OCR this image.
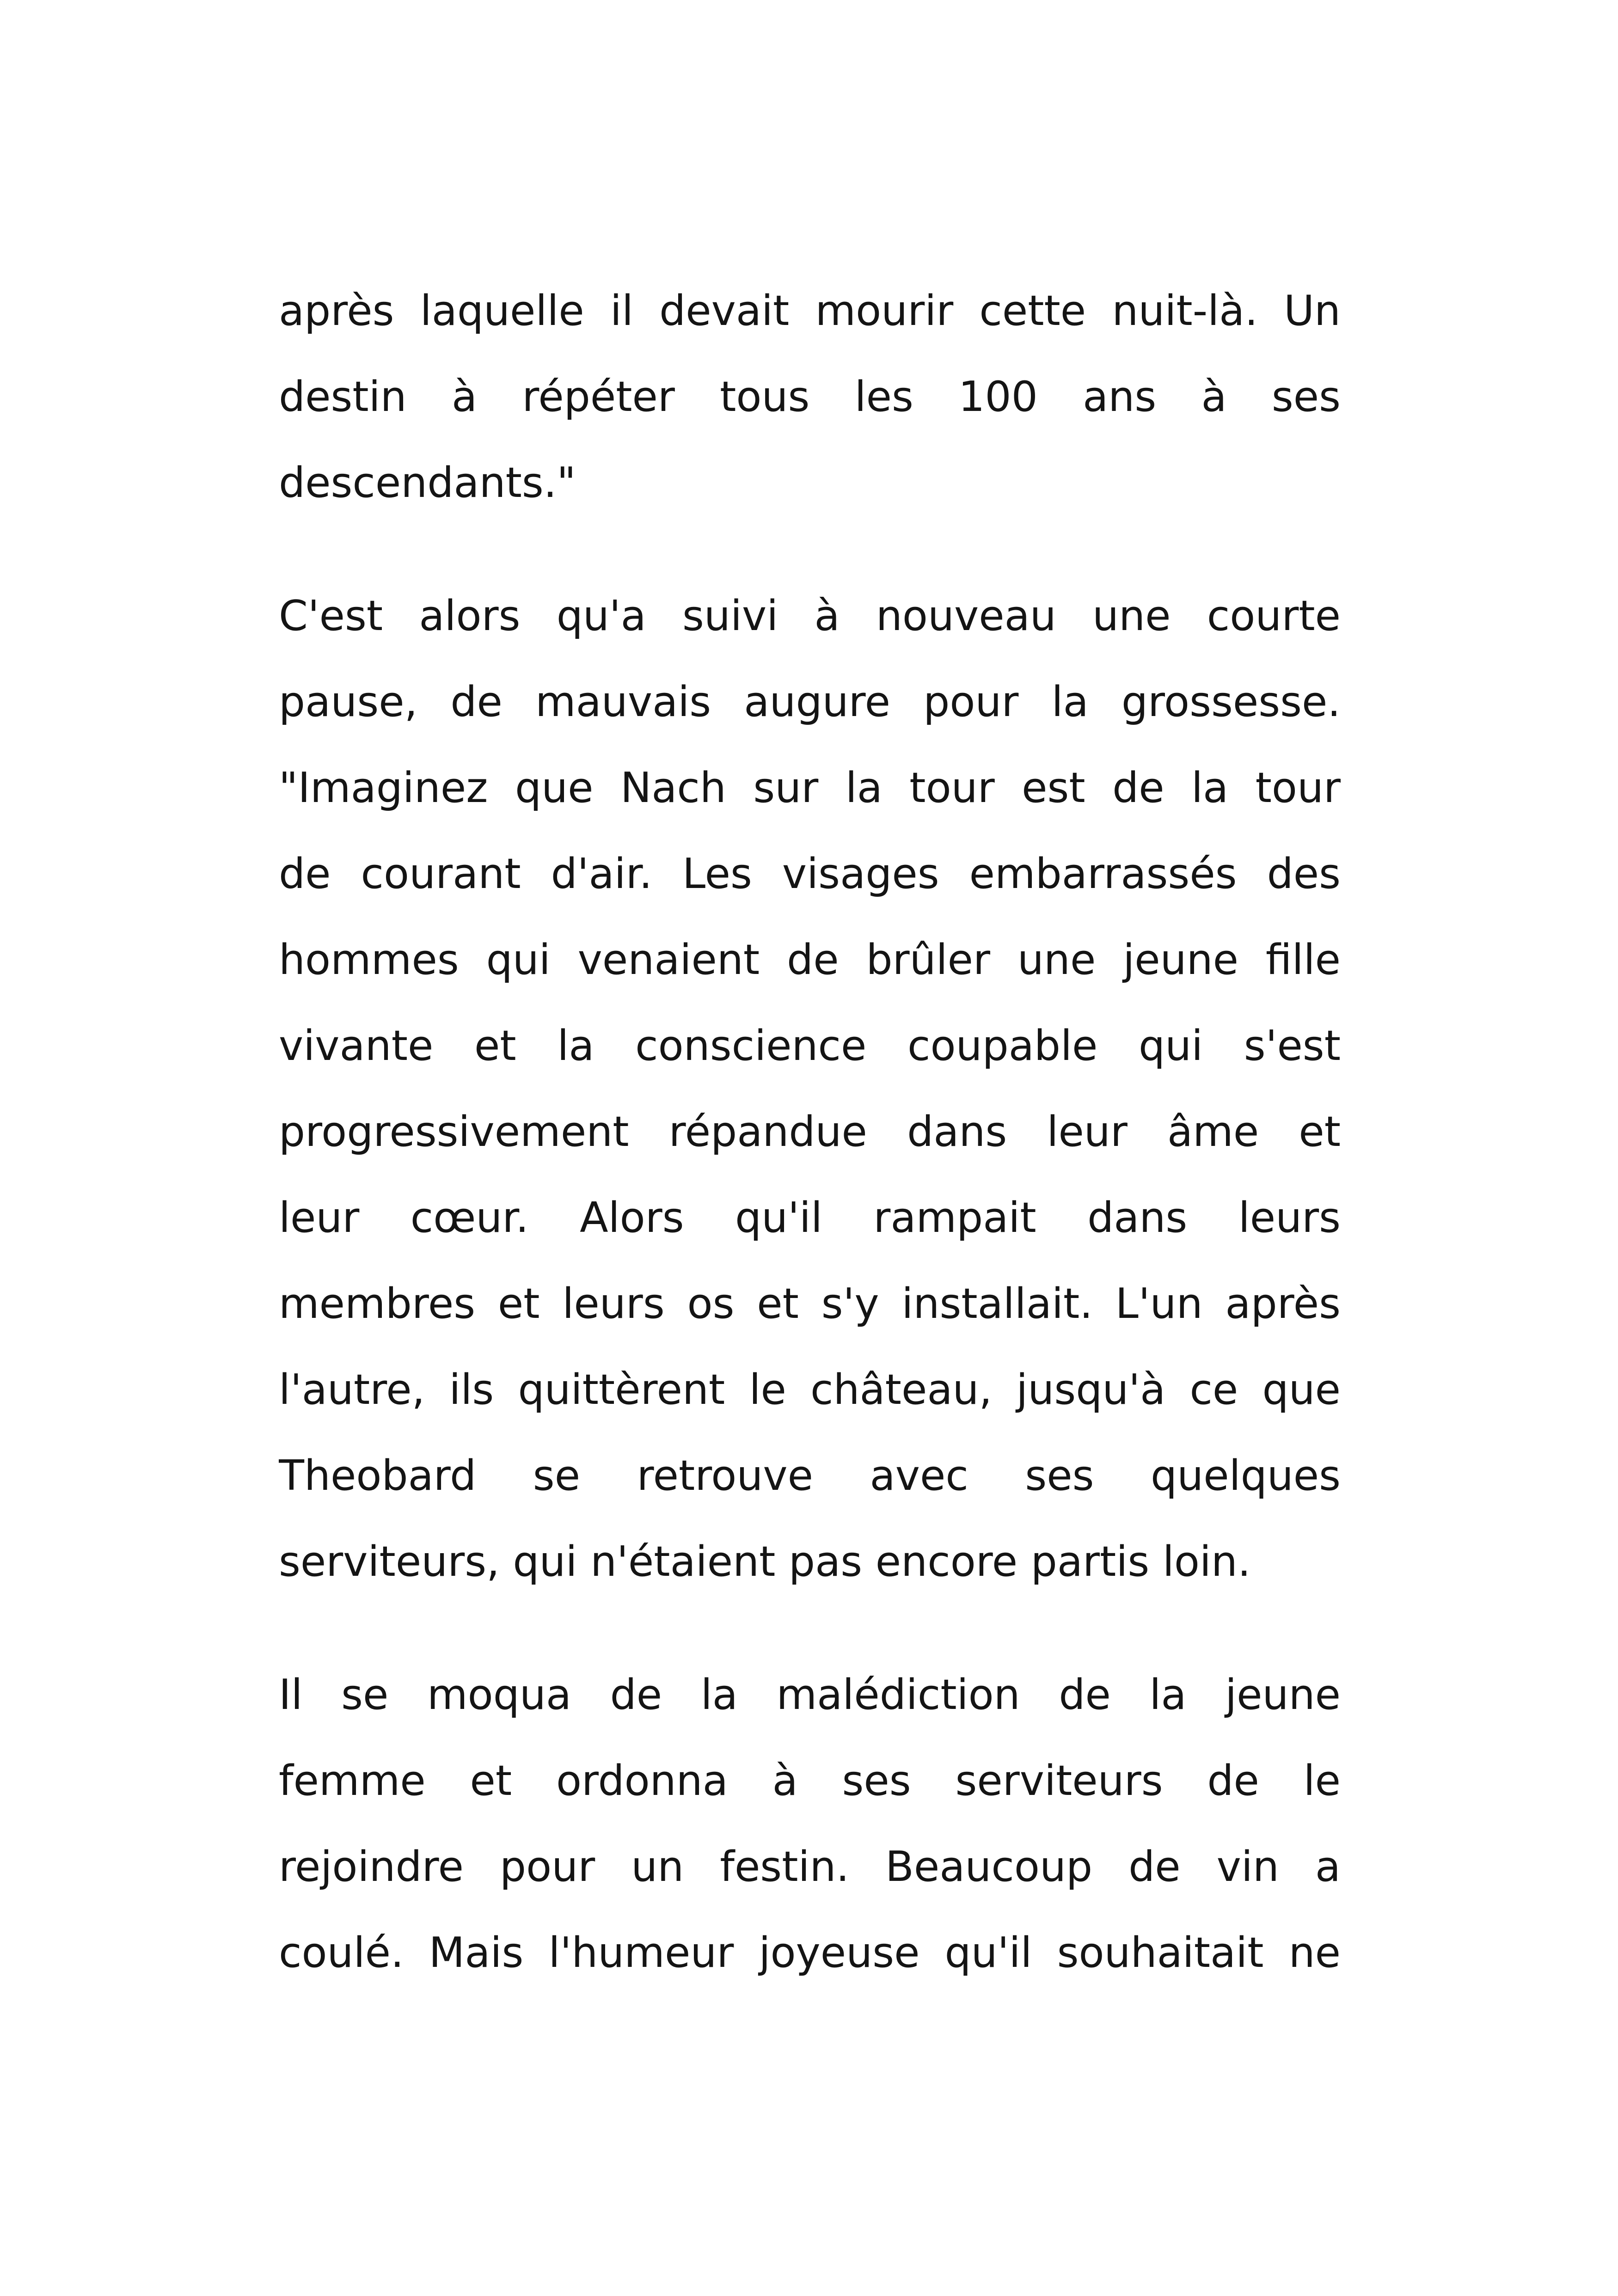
après laquelle il devait mourir cette nuit-là. Un
destin à répéter tous les 100 ans à ses
descendants."
C'est alors qu'a suivi à nouveau une courte
pause, de mauvais augure pour la grossesse.
"Imaginez que Nach sur la tour est de la tour
de courant d'air. Les visages embarrassés des
hommes qui venaient de brûler une jeune fille
vivante et la conscience coupable qui s'est
progressivement répandue dans leur âme et
leur cœur. Alors qu'il rampait dans leurs
membres et leurs os et s'y installait. L'un après
l'autre, ils quittèrent le château, jusqu'à ce que
Theobard se retrouve avec ses quelques
serviteurs, qui n'étaient pas encore partis loin.
Il se moqua de la malédiction de la jeune
femme et ordonna à ses serviteurs de le
rejoindre pour un festin. Beaucoup de vin a
coulé. Mais l'humeur joyeuse qu'il souhaitait ne
